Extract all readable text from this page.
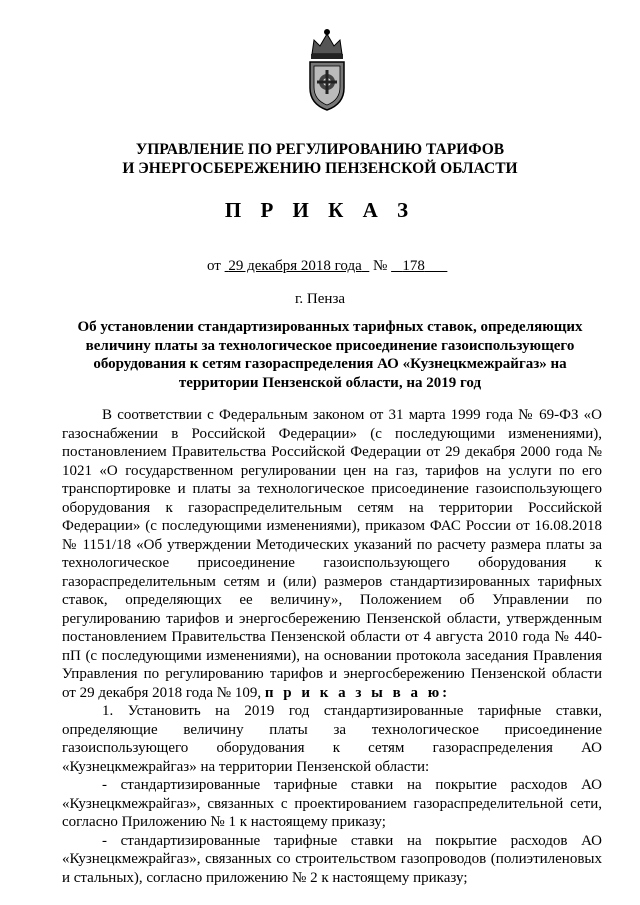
УПРАВЛЕНИЕ ПО РЕГУЛИРОВАНИЮ ТАРИФОВ
И ЭНЕРГОСБЕРЕЖЕНИЮ ПЕНЗЕНСКОЙ ОБЛАСТИ
П Р И К А З
от 29 декабря 2018 года № 178
г. Пенза
Об установлении стандартизированных тарифных ставок, определяющих
величину платы за технологическое присоединение газоиспользующего
оборудования к сетям газораспределения АО «Кузнецкмежрайгаз» на
территории Пензенской области, на 2019 год

В соответствии с Федеральным законом от 31 марта 1999 года № 69-ФЗ «О газоснабжении в Российской Федерации» (с последующими изменениями), постановлением Правительства Российской Федерации от 29 декабря 2000 года № 1021 «О государственном регулировании цен на газ, тарифов на услуги по его транспортировке и платы за технологическое присоединение газоиспользующего оборудования к газораспределительным сетям на территории Российской Федерации» (с последующими изменениями), приказом ФАС России от 16.08.2018 № 1151/18 «Об утверждении Методических указаний по расчету размера платы за технологическое присоединение газоиспользующего оборудования к газораспределительным сетям и (или) размеров стандартизированных тарифных ставок, определяющих ее величину», Положением об Управлении по регулированию тарифов и энергосбережению Пензенской области, утвержденным постановлением Правительства Пензенской области от 4 августа 2010 года № 440-пП (с последующими изменениями), на основании протокола заседания Правления Управления по регулированию тарифов и энергосбережению Пензенской области от 29 декабря 2018 года № 109, п р и к а з ы в а ю:

1. Установить на 2019 год стандартизированные тарифные ставки, определяющие величину платы за технологическое присоединение газоиспользующего оборудования к сетям газораспределения АО «Кузнецкмежрайгаз» на территории Пензенской области:

- стандартизированные тарифные ставки на покрытие расходов АО «Кузнецкмежрайгаз», связанных с проектированием газораспределительной сети, согласно Приложению № 1 к настоящему приказу;

- стандартизированные тарифные ставки на покрытие расходов АО «Кузнецкмежрайгаз», связанных со строительством газопроводов (полиэтиленовых и стальных), согласно приложению № 2 к настоящему приказу;
